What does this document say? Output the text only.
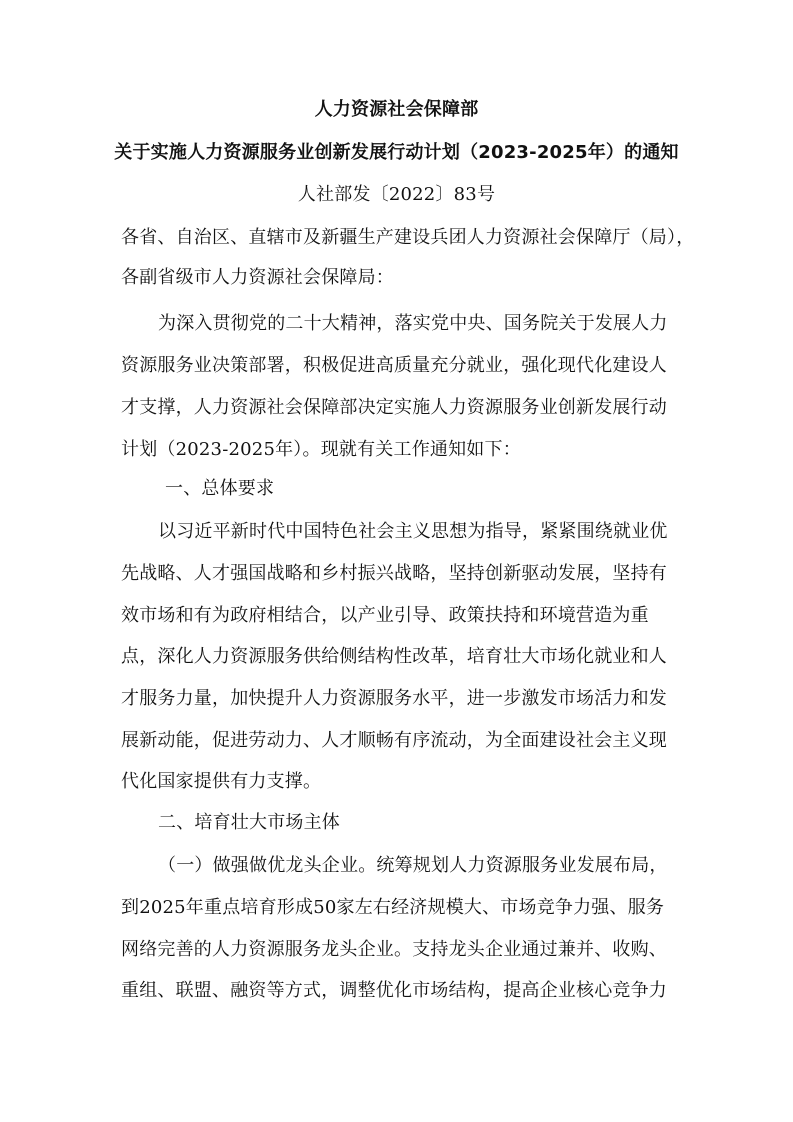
人力资源社会保障部
关于实施人力资源服务业创新发展行动计划（2023-2025年）的通知
人社部发〔2022〕83号
各省、自治区、直辖市及新疆生产建设兵团人力资源社会保障厅（局），
各副省级市人力资源社会保障局：
为深入贯彻党的二十大精神，落实党中央、国务院关于发展人力
资源服务业决策部署，积极促进高质量充分就业，强化现代化建设人
才支撑，人力资源社会保障部决定实施人力资源服务业创新发展行动
计划（2023-2025年）。现就有关工作通知如下：
一、总体要求
以习近平新时代中国特色社会主义思想为指导，紧紧围绕就业优
先战略、人才强国战略和乡村振兴战略，坚持创新驱动发展，坚持有
效市场和有为政府相结合，以产业引导、政策扶持和环境营造为重
点，深化人力资源服务供给侧结构性改革，培育壮大市场化就业和人
才服务力量，加快提升人力资源服务水平，进一步激发市场活力和发
展新动能，促进劳动力、人才顺畅有序流动，为全面建设社会主义现
代化国家提供有力支撑。
二、培育壮大市场主体
（一）做强做优龙头企业。统筹规划人力资源服务业发展布局，
到2025年重点培育形成50家左右经济规模大、市场竞争力强、服务
网络完善的人力资源服务龙头企业。支持龙头企业通过兼并、收购、
重组、联盟、融资等方式，调整优化市场结构，提高企业核心竞争力
